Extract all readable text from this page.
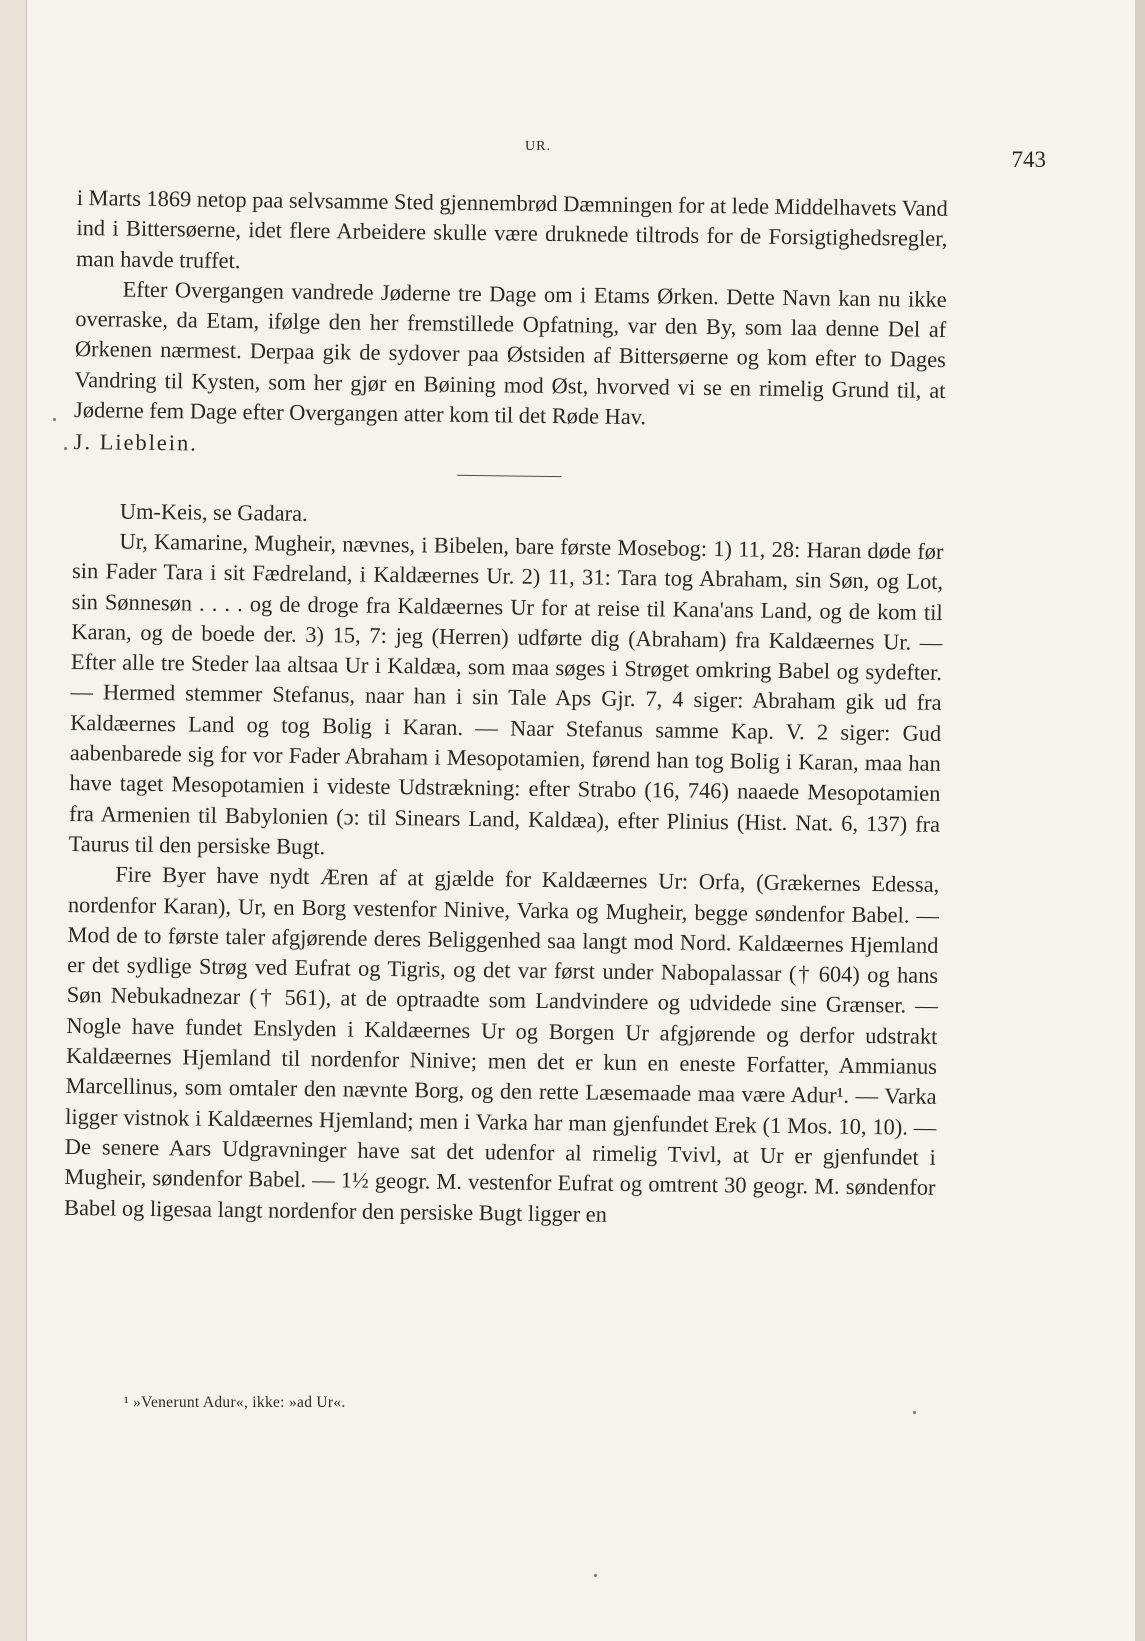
UR.
743

i Marts 1869 netop paa selvsamme Sted gjennembrød Dæmningen for at lede Middelhavets Vand ind i Bittersøerne, idet flere Arbeidere skulle være druknede tiltrods for de Forsigtighedsregler, man havde truffet.

Efter Overgangen vandrede Jøderne tre Dage om i Etams Ørken. Dette Navn kan nu ikke overraske, da Etam, ifølge den her fremstillede Opfatning, var den By, som laa denne Del af Ørkenen nærmest. Derpaa gik de sydover paa Østsiden af Bittersøerne og kom efter to Dages Vandring til Kysten, som her gjør en Bøining mod Øst, hvorved vi se en rimelig Grund til, at Jøderne fem Dage efter Overgangen atter kom til det Røde Hav.

J. Lieblein.

Um-Keis, se Gadara.

Ur, Kamarine, Mugheir, nævnes, i Bibelen, bare første Mosebog: 1) 11, 28: Haran døde før sin Fader Tara i sit Fædreland, i Kaldæernes Ur. 2) 11, 31: Tara tog Abraham, sin Søn, og Lot, sin Sønnesøn . . . . og de droge fra Kaldæernes Ur for at reise til Kana'ans Land, og de kom til Karan, og de boede der. 3) 15, 7: jeg (Herren) udførte dig (Abraham) fra Kaldæernes Ur. — Efter alle tre Steder laa altsaa Ur i Kaldæa, som maa søges i Strøget omkring Babel og sydefter. — Hermed stemmer Stefanus, naar han i sin Tale Aps Gjr. 7, 4 siger: Abraham gik ud fra Kaldæernes Land og tog Bolig i Karan. — Naar Stefanus samme Kap. V. 2 siger: Gud aabenbarede sig for vor Fader Abraham i Mesopotamien, førend han tog Bolig i Karan, maa han have taget Mesopotamien i videste Udstrækning: efter Strabo (16, 746) naaede Mesopotamien fra Armenien til Babylonien (ɔ: til Sinears Land, Kaldæa), efter Plinius (Hist. Nat. 6, 137) fra Taurus til den persiske Bugt.

Fire Byer have nydt Æren af at gjælde for Kaldæernes Ur: Orfa, (Grækernes Edessa, nordenfor Karan), Ur, en Borg vestenfor Ninive, Varka og Mugheir, begge søndenfor Babel. — Mod de to første taler afgjørende deres Beliggenhed saa langt mod Nord. Kaldæernes Hjemland er det sydlige Strøg ved Eufrat og Tigris, og det var først under Nabopalassar († 604) og hans Søn Nebukadnezar († 561), at de optraadte som Landvindere og udvidede sine Grænser. — Nogle have fundet Enslyden i Kaldæernes Ur og Borgen Ur afgjørende og derfor udstrakt Kaldæernes Hjemland til nordenfor Ninive; men det er kun en eneste Forfatter, Ammianus Marcellinus, som omtaler den nævnte Borg, og den rette Læsemaade maa være Adur¹. — Varka ligger vistnok i Kaldæernes Hjemland; men i Varka har man gjenfundet Erek (1 Mos. 10, 10). — De senere Aars Udgravninger have sat det udenfor al rimelig Tvivl, at Ur er gjenfundet i Mugheir, søndenfor Babel. — 1½ geogr. M. vestenfor Eufrat og omtrent 30 geogr. M. søndenfor Babel og ligesaa langt nordenfor den persiske Bugt ligger en

¹ »Venerunt Adur«, ikke: »ad Ur«.
